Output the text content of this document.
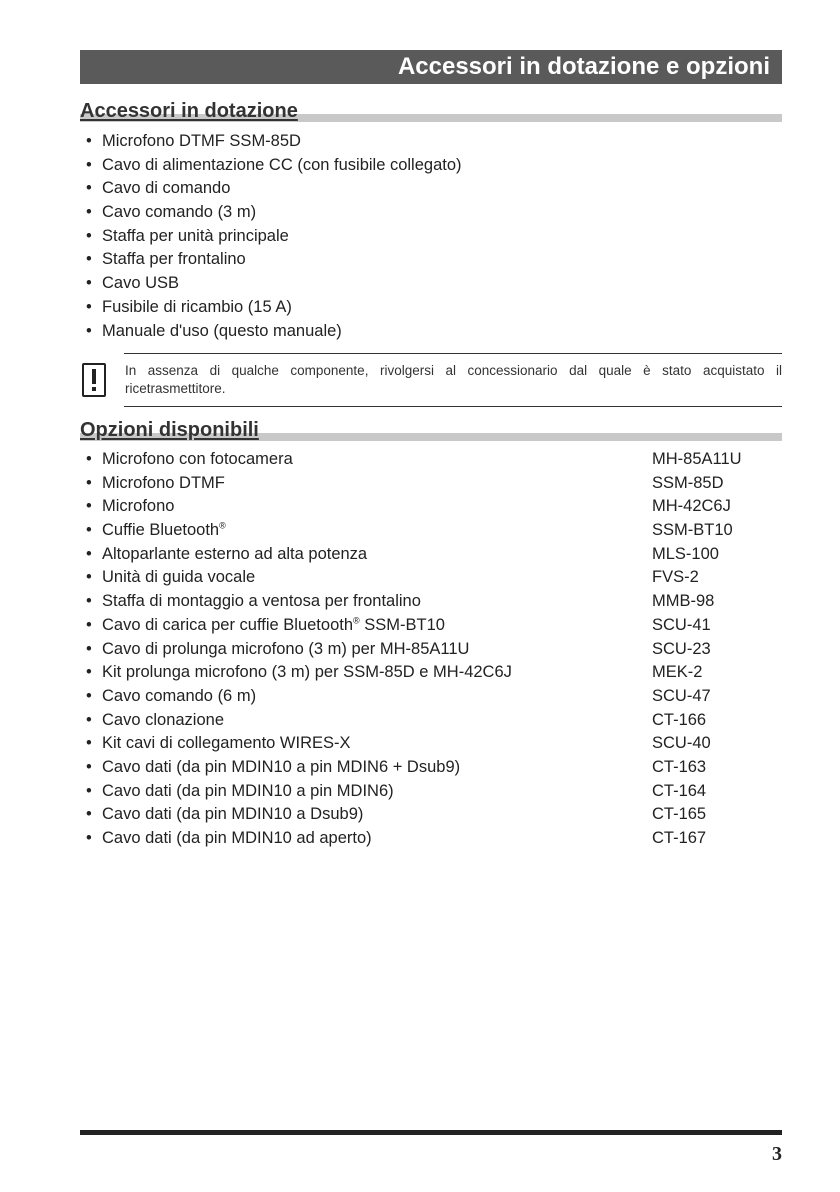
Accessori in dotazione e opzioni
Accessori in dotazione
• Microfono DTMF SSM-85D
• Cavo di alimentazione CC (con fusibile collegato)
• Cavo di comando
• Cavo comando (3 m)
• Staffa per unità principale
• Staffa per frontalino
• Cavo USB
• Fusibile di ricambio (15 A)
• Manuale d'uso (questo manuale)
In assenza di qualche componente, rivolgersi al concessionario dal quale è stato acquistato il ricetrasmettitore.
Opzioni disponibili
• Microfono con fotocamera	MH-85A11U
• Microfono DTMF	SSM-85D
• Microfono	MH-42C6J
• Cuffie Bluetooth®	SSM-BT10
• Altoparlante esterno ad alta potenza	MLS-100
• Unità di guida vocale	FVS-2
• Staffa di montaggio a ventosa per frontalino	MMB-98
• Cavo di carica per cuffie Bluetooth® SSM-BT10	SCU-41
• Cavo di prolunga microfono (3 m) per MH-85A11U	SCU-23
• Kit prolunga microfono (3 m) per SSM-85D e MH-42C6J	MEK-2
• Cavo comando (6 m)	SCU-47
• Cavo clonazione	CT-166
• Kit cavi di collegamento WIRES-X	SCU-40
• Cavo dati (da pin MDIN10 a pin MDIN6 + Dsub9)	CT-163
• Cavo dati (da pin MDIN10 a pin MDIN6)	CT-164
• Cavo dati (da pin MDIN10 a Dsub9)	CT-165
• Cavo dati (da pin MDIN10 ad aperto)	CT-167
3
